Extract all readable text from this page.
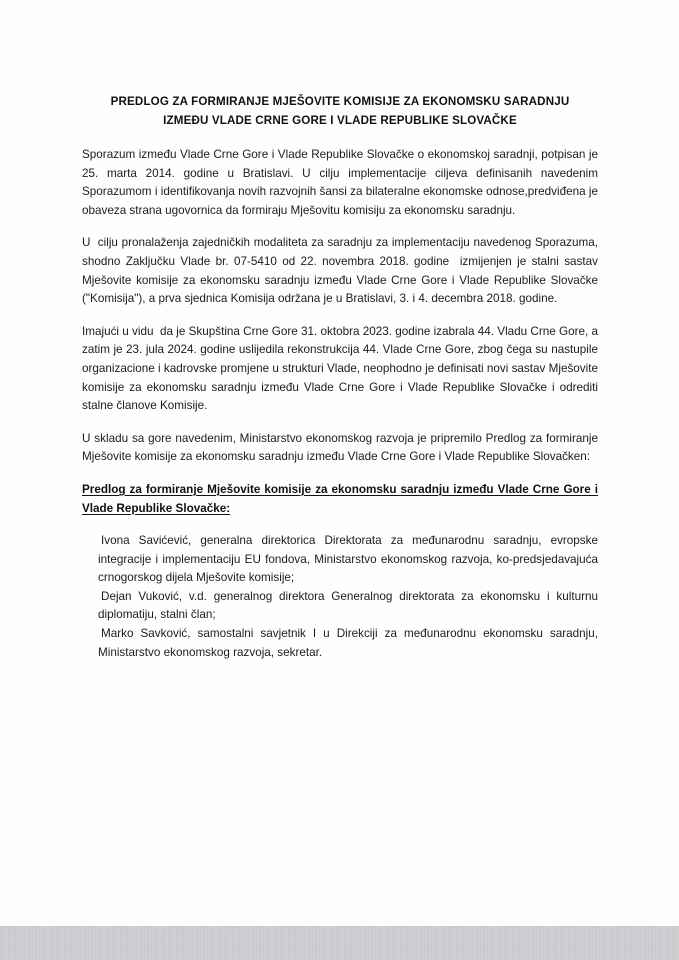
PREDLOG ZA FORMIRANJE MJEŠOVITE KOMISIJE ZA EKONOMSKU SARADNJU
IZMEĐU VLADE CRNE GORE I VLADE REPUBLIKE SLOVAČKE

Sporazum između Vlade Crne Gore i Vlade Republike Slovačke o ekonomskoj saradnji, potpisan je 25. marta 2014. godine u Bratislavi. U cilju implementacije ciljeva definisanih navedenim Sporazumom i identifikovanja novih razvojnih šansi za bilateralne ekonomske odnose,predviđena je obaveza strana ugovornica da formiraju Mješovitu komisiju za ekonomsku saradnju.

U  cilju pronalaženja zajedničkih modaliteta za saradnju za implementaciju navedenog Sporazuma, shodno Zaključku Vlade br. 07-5410 od 22. novembra 2018. godine  izmijenjen je stalni sastav Mješovite komisije za ekonomsku saradnju između Vlade Crne Gore i Vlade Republike Slovačke  ("Komisija"), a prva sjednica Komisija održana je u Bratislavi, 3. i 4. decembra 2018. godine.

Imajući u vidu  da je Skupština Crne Gore 31. oktobra 2023. godine izabrala 44. Vladu Crne Gore, a zatim je 23. jula 2024. godine uslijedila rekonstrukcija 44. Vlade Crne Gore, zbog čega su nastupile organizacione i kadrovske promjene u strukturi Vlade, neophodno je definisati novi sastav Mješovite komisije za ekonomsku saradnju između Vlade Crne Gore i Vlade Republike Slovačke i odrediti stalne članove Komisije.

U skladu sa gore navedenim, Ministarstvo ekonomskog razvoja je pripremilo Predlog za formiranje Mješovite komisije za ekonomsku saradnju između Vlade Crne Gore i Vlade Republike Slovačken:

Predlog za formiranje Mješovite komisije za ekonomsku saradnju između Vlade Crne Gore i Vlade Republike Slovačke:

Ivona Savićević, generalna direktorica Direktorata za međunarodnu saradnju, evropske integracije i implementaciju EU fondova, Ministarstvo ekonomskog razvoja, ko-predsjedavajuća crnogorskog dijela Mješovite komisije;
Dejan Vuković, v.d. generalnog direktora Generalnog direktorata za ekonomsku i kulturnu diplomatiju, stalni član;
Marko Savković, samostalni savjetnik I u Direkciji za međunarodnu ekonomsku saradnju, Ministarstvo ekonomskog razvoja, sekretar.
